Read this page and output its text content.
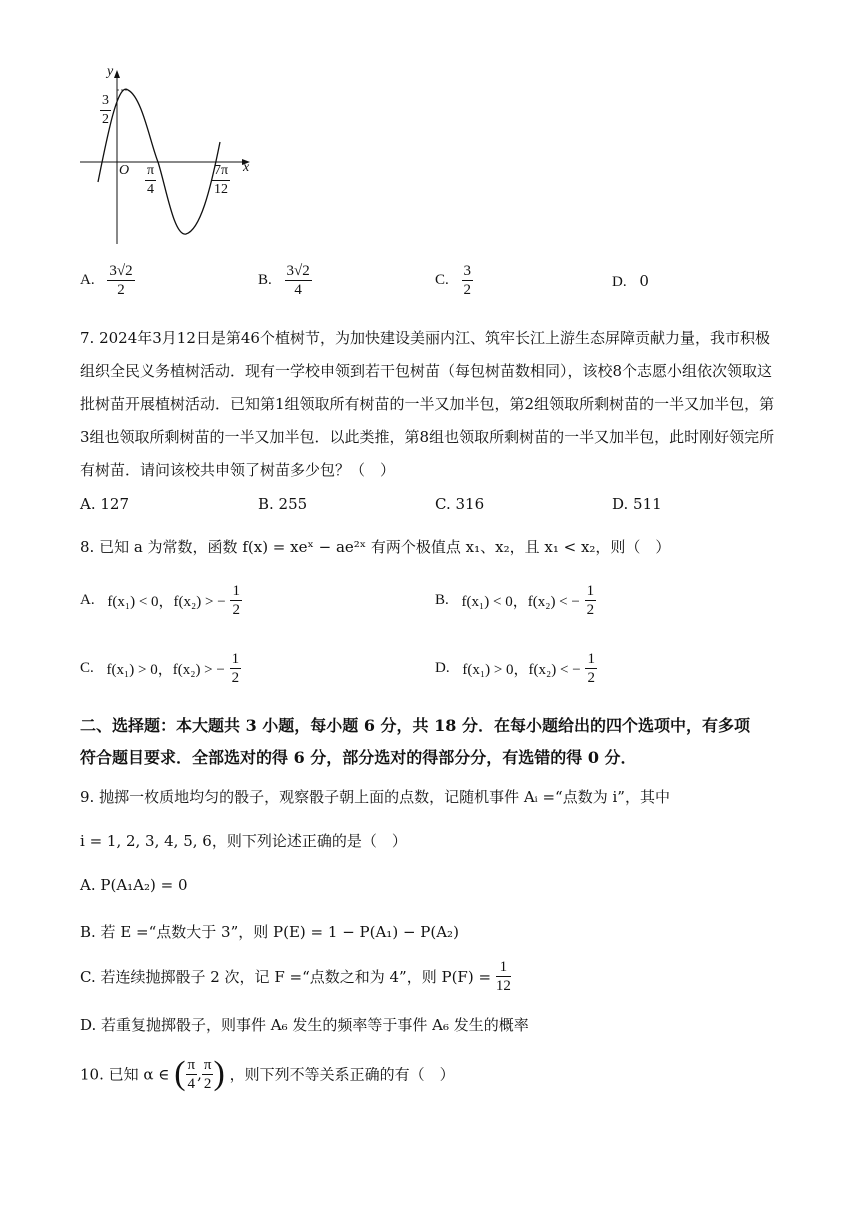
y
x
O
$\frac{3}{2}$
$\frac{\pi}{4}$	$\frac{7\pi}{12}$
A. $\frac{3√2}{2}$	B. $\frac{3√2}{4}$	C. $\frac{3}{2}$	D. 0

7. 2024年3月12日是第46个植树节，为加快建设美丽内江、筑牢长江上游生态屏障贡献力量，我市积极

组织全民义务植树活动．现有一学校申领到若干包树苗（每包树苗数相同），该校8个志愿小组依次领取这

批树苗开展植树活动．已知第1组领取所有树苗的一半又加半包，第2组领取所剩树苗的一半又加半包，第

3组也领取所剩树苗的一半又加半包．以此类推，第8组也领取所剩树苗的一半又加半包，此时刚好领完所

有树苗．请问该校共申领了树苗多少包？（　）

A. 127	B. 255	C. 316	D. 511
8. 已知 a 为常数，函数 f(x) = xeˣ − ae²ˣ 有两个极值点 x₁、x₂，且 x₁ < x₂，则（　）
A. f(x₁) < 0，f(x₂) > − $\frac{1}{2}$	B. f(x₁) < 0，f(x₂) < − $\frac{1}{2}$
C. f(x₁) > 0，f(x₂) > − $\frac{1}{2}$	D. f(x₁) > 0，f(x₂) < − $\frac{1}{2}$

二、选择题：本大题共 3 小题，每小题 6 分，共 18 分．在每小题给出的四个选项中，有多项

符合题目要求．全部选对的得 6 分，部分选对的得部分分，有选错的得 0 分．

9. 抛掷一枚质地均匀的骰子，观察骰子朝上面的点数，记随机事件 Aᵢ =“点数为 i”，其中
i = 1, 2, 3, 4, 5, 6，则下列论述正确的是（　）
A. P(A₁A₂) = 0
B. 若 E =“点数大于 3”，则 P(E) = 1 − P(A₁) − P(A₂)
C. 若连续抛掷骰子 2 次，记 F =“点数之和为 4”，则 $P(F) = \frac{1}{12}$
D. 若重复抛掷骰子，则事件 A₆ 发生的频率等于事件 A₆ 发生的概率
10. 已知 α ∈ ( $\frac{\pi}{4}$ , $\frac{\pi}{2}$ ) ，则下列不等关系正确的有（　）
